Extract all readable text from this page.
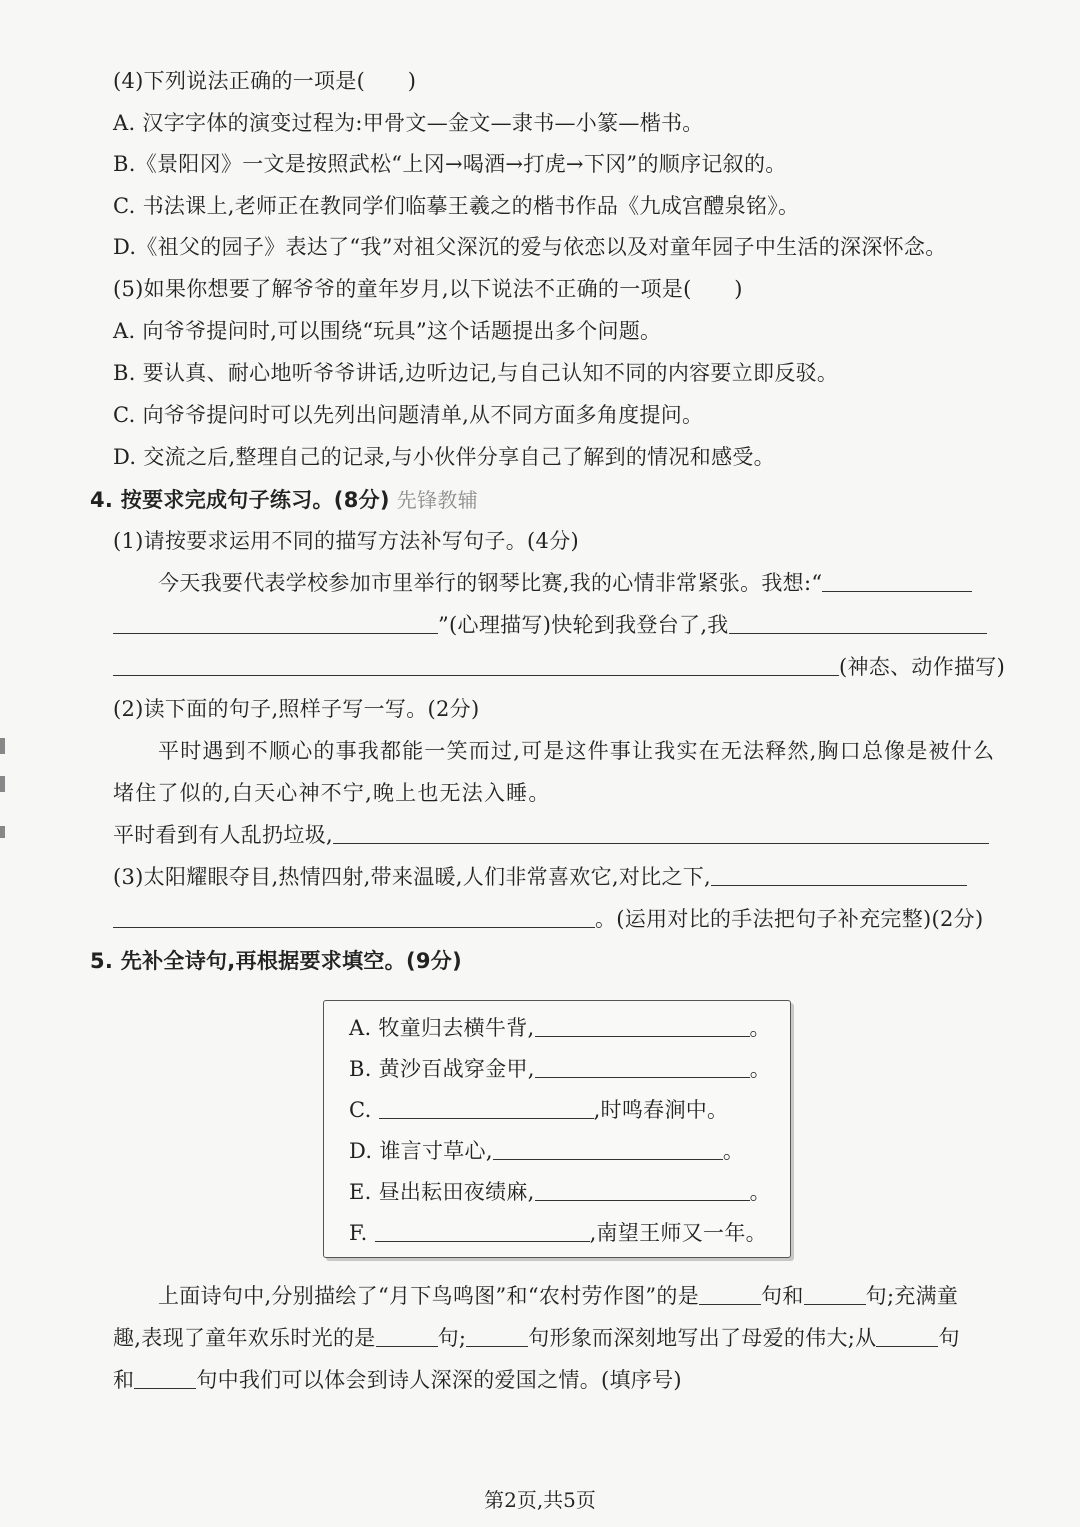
(4)下列说法正确的一项是(　　)
A. 汉字字体的演变过程为:甲骨文—金文—隶书—小篆—楷书。
B.《景阳冈》一文是按照武松“上冈→喝酒→打虎→下冈”的顺序记叙的。
C. 书法课上,老师正在教同学们临摹王羲之的楷书作品《九成宫醴泉铭》。
D.《祖父的园子》表达了“我”对祖父深沉的爱与依恋以及对童年园子中生活的深深怀念。
(5)如果你想要了解爷爷的童年岁月,以下说法不正确的一项是(　　)
A. 向爷爷提问时,可以围绕“玩具”这个话题提出多个问题。
B. 要认真、耐心地听爷爷讲话,边听边记,与自己认知不同的内容要立即反驳。
C. 向爷爷提问时可以先列出问题清单,从不同方面多角度提问。
D. 交流之后,整理自己的记录,与小伙伴分享自己了解到的情况和感受。
4. 按要求完成句子练习。(8分) 先锋教辅
(1)请按要求运用不同的描写方法补写句子。(4分)
今天我要代表学校参加市里举行的钢琴比赛,我的心情非常紧张。我想:“
”(心理描写)快轮到我登台了,我
(神态、动作描写)
(2)读下面的句子,照样子写一写。(2分)
平时遇到不顺心的事我都能一笑而过,可是这件事让我实在无法释然,胸口总像是被什么
堵住了似的,白天心神不宁,晚上也无法入睡。
平时看到有人乱扔垃圾,
(3)太阳耀眼夺目,热情四射,带来温暖,人们非常喜欢它,对比之下,
。(运用对比的手法把句子补充完整)(2分)
5. 先补全诗句,再根据要求填空。(9分)
A. 牧童归去横牛背,	。
B. 黄沙百战穿金甲,	。
C.	,时鸣春涧中。
D. 谁言寸草心,	。
E. 昼出耘田夜绩麻,	。
F.	,南望王师又一年。
上面诗句中,分别描绘了“月下鸟鸣图”和“农村劳作图”的是	句和	句;充满童
趣,表现了童年欢乐时光的是	句;	句形象而深刻地写出了母爱的伟大;从	句
和	句中我们可以体会到诗人深深的爱国之情。(填序号)
第2页,共5页
